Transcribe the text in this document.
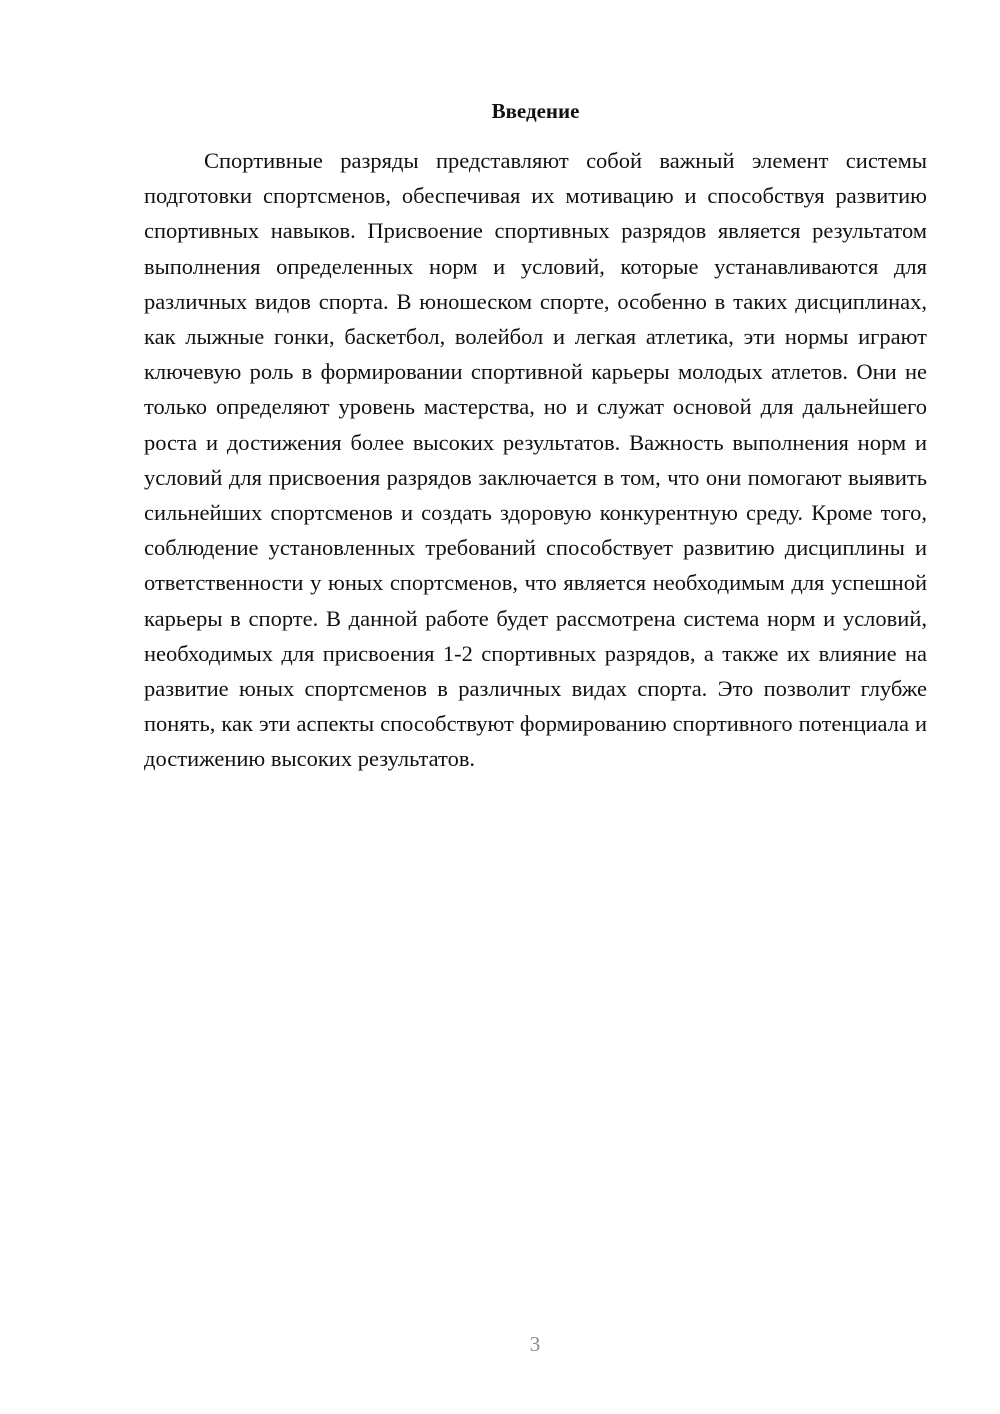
Введение

Спортивные разряды представляют собой важный элемент системы подготовки спортсменов, обеспечивая их мотивацию и способствуя развитию спортивных навыков. Присвоение спортивных разрядов является результатом выполнения определенных норм и условий, которые устанавливаются для различных видов спорта. В юношеском спорте, особенно в таких дисциплинах, как лыжные гонки, баскетбол, волейбол и легкая атлетика, эти нормы играют ключевую роль в формировании спортивной карьеры молодых атлетов. Они не только определяют уровень мастерства, но и служат основой для дальнейшего роста и достижения более высоких результатов. Важность выполнения норм и условий для присвоения разрядов заключается в том, что они помогают выявить сильнейших спортсменов и создать здоровую конкурентную среду. Кроме того, соблюдение установленных требований способствует развитию дисциплины и ответственности у юных спортсменов, что является необходимым для успешной карьеры в спорте. В данной работе будет рассмотрена система норм и условий, необходимых для присвоения 1-2 спортивных разрядов, а также их влияние на развитие юных спортсменов в различных видах спорта. Это позволит глубже понять, как эти аспекты способствуют формированию спортивного потенциала и достижению высоких результатов.

3
